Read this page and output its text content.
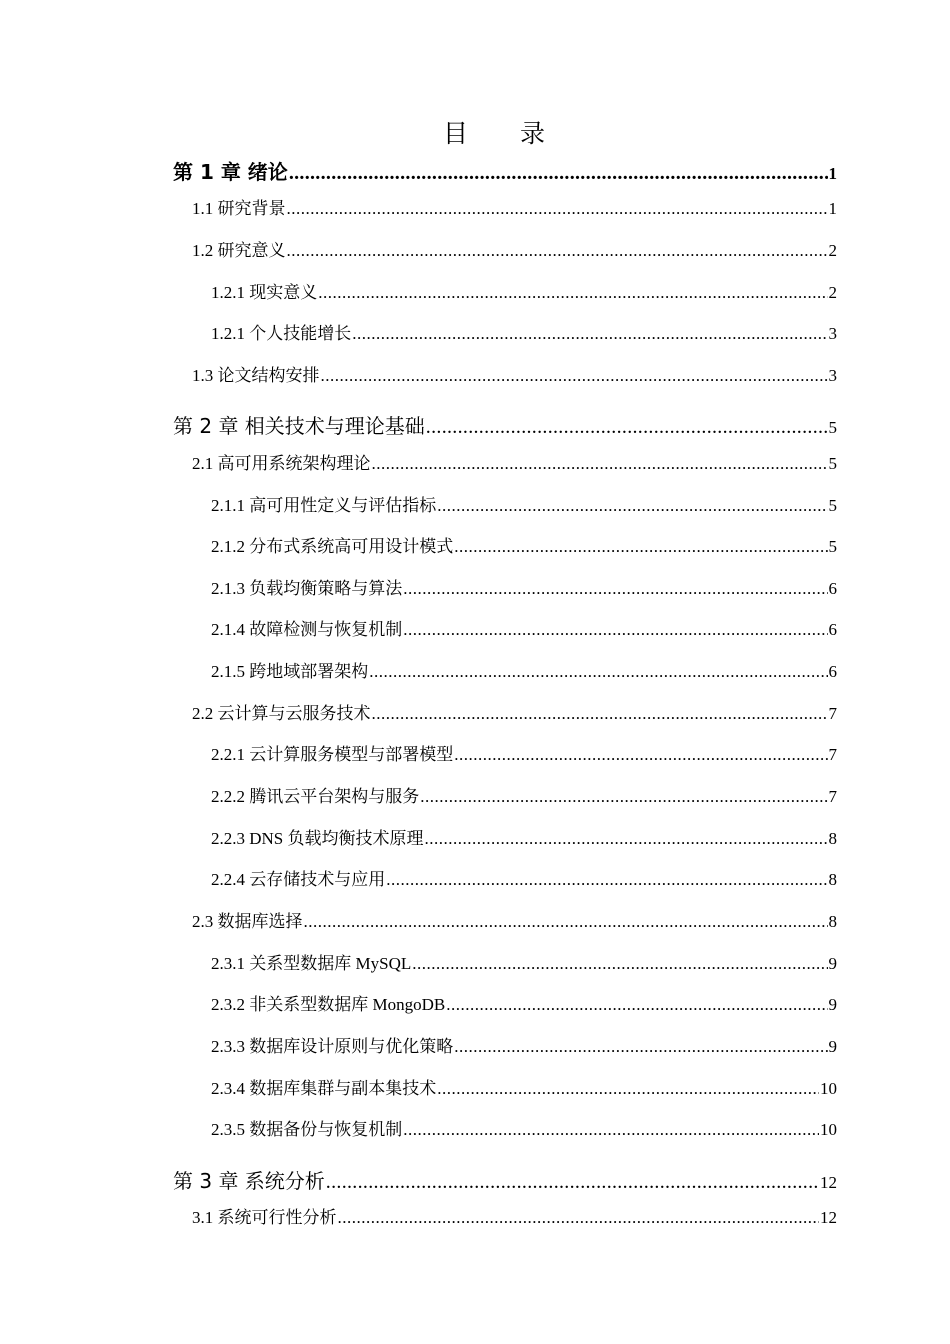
目 录
第 1 章 绪论 .....	1
1.1 研究背景 .....	1
1.2 研究意义 .....	2
1.2.1 现实意义 .....	2
1.2.1 个人技能增长 .....	3
1.3 论文结构安排 .....	3
第 2 章 相关技术与理论基础 .....	5
2.1 高可用系统架构理论 .....	5
2.1.1 高可用性定义与评估指标 .....	5
2.1.2 分布式系统高可用设计模式 .....	5
2.1.3 负载均衡策略与算法 .....	6
2.1.4 故障检测与恢复机制 .....	6
2.1.5 跨地域部署架构 .....	6
2.2 云计算与云服务技术 .....	7
2.2.1 云计算服务模型与部署模型 .....	7
2.2.2 腾讯云平台架构与服务 .....	7
2.2.3 DNS 负载均衡技术原理 .....	8
2.2.4 云存储技术与应用 .....	8
2.3 数据库选择 .....	8
2.3.1 关系型数据库 MySQL .....	9
2.3.2 非关系型数据库 MongoDB .....	9
2.3.3 数据库设计原则与优化策略 .....	9
2.3.4 数据库集群与副本集技术 .....	10
2.3.5 数据备份与恢复机制 .....	10
第 3 章 系统分析 .....	12
3.1 系统可行性分析 .....	12
